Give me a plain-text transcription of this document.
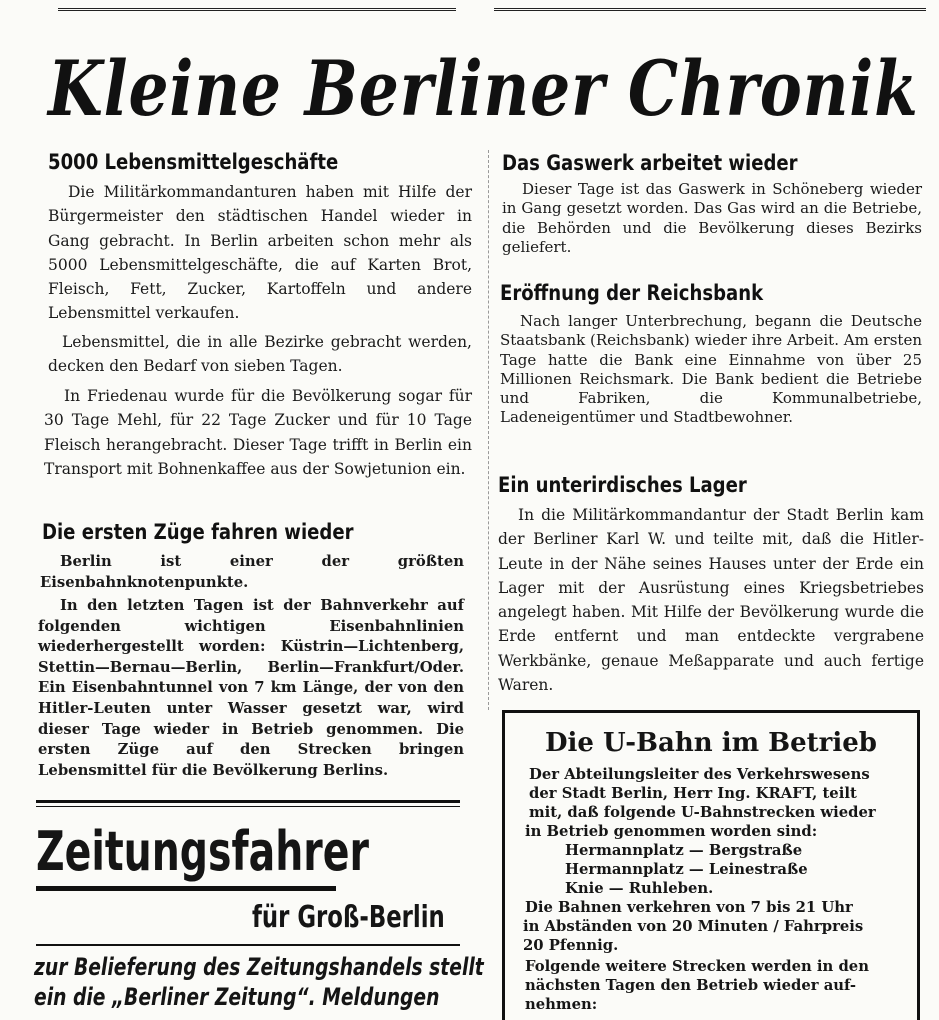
Kleine Berliner Chronik
5000 Lebensmittelgeschäfte

Die Militärkommandanturen haben mit Hilfe der Bürgermeister den städtischen Handel wieder in Gang gebracht. In Berlin arbeiten schon mehr als 5000 Lebensmittelgeschäfte, die auf Karten Brot, Fleisch, Fett, Zucker, Kartoffeln und andere Lebensmittel verkaufen.

Lebensmittel, die in alle Bezirke gebracht werden, decken den Bedarf von sieben Tagen.

In Friedenau wurde für die Bevölkerung sogar für 30 Tage Mehl, für 22 Tage Zucker und für 10 Tage Fleisch herangebracht. Dieser Tage trifft in Berlin ein Transport mit Bohnenkaffee aus der Sowjetunion ein.

Die ersten Züge fahren wieder

Berlin ist einer der größten Eisenbahnknotenpunkte.

In den letzten Tagen ist der Bahnverkehr auf folgenden wichtigen Eisenbahnlinien wiederhergestellt worden: Küstrin—Lichtenberg, Stettin—Bernau—Berlin, Berlin—Frankfurt/Oder. Ein Eisenbahntunnel von 7 km Länge, der von den Hitler-Leuten unter Wasser gesetzt war, wird dieser Tage wieder in Betrieb genommen. Die ersten Züge auf den Strecken bringen Lebensmittel für die Bevölkerung Berlins.

Zeitungsfahrer
für Groß-Berlin
zur Belieferung des Zeitungshandels stellt
ein die „Berliner Zeitung“. Meldungen
Das Gaswerk arbeitet wieder

Dieser Tage ist das Gaswerk in Schöneberg wieder in Gang gesetzt worden. Das Gas wird an die Betriebe, die Behörden und die Bevölkerung dieses Bezirks geliefert.

Eröffnung der Reichsbank

Nach langer Unterbrechung, begann die Deutsche Staatsbank (Reichsbank) wieder ihre Arbeit. Am ersten Tage hatte die Bank eine Einnahme von über 25 Millionen Reichsmark. Die Bank bedient die Betriebe und Fabriken, die Kommunalbetriebe, Ladeneigentümer und Stadtbewohner.

Ein unterirdisches Lager

In die Militärkommandantur der Stadt Berlin kam der Berliner Karl W. und teilte mit, daß die Hitler-Leute in der Nähe seines Hauses unter der Erde ein Lager mit der Ausrüstung eines Kriegsbetriebes angelegt haben. Mit Hilfe der Bevölkerung wurde die Erde entfernt und man entdeckte vergrabene Werkbänke, genaue Meßapparate und auch fertige Waren.

Die U-Bahn im Betrieb
Der Abteilungsleiter des Verkehrswesens
der Stadt Berlin, Herr Ing. KRAFT, teilt
mit, daß folgende U-Bahnstrecken wieder
in Betrieb genommen worden sind:
Hermannplatz — Bergstraße
Hermannplatz — Leinestraße
Knie — Ruhleben.
Die Bahnen verkehren von 7 bis 21 Uhr
in Abständen von 20 Minuten / Fahrpreis
20 Pfennig.
Folgende weitere Strecken werden in den
nächsten Tagen den Betrieb wieder auf-
nehmen:
